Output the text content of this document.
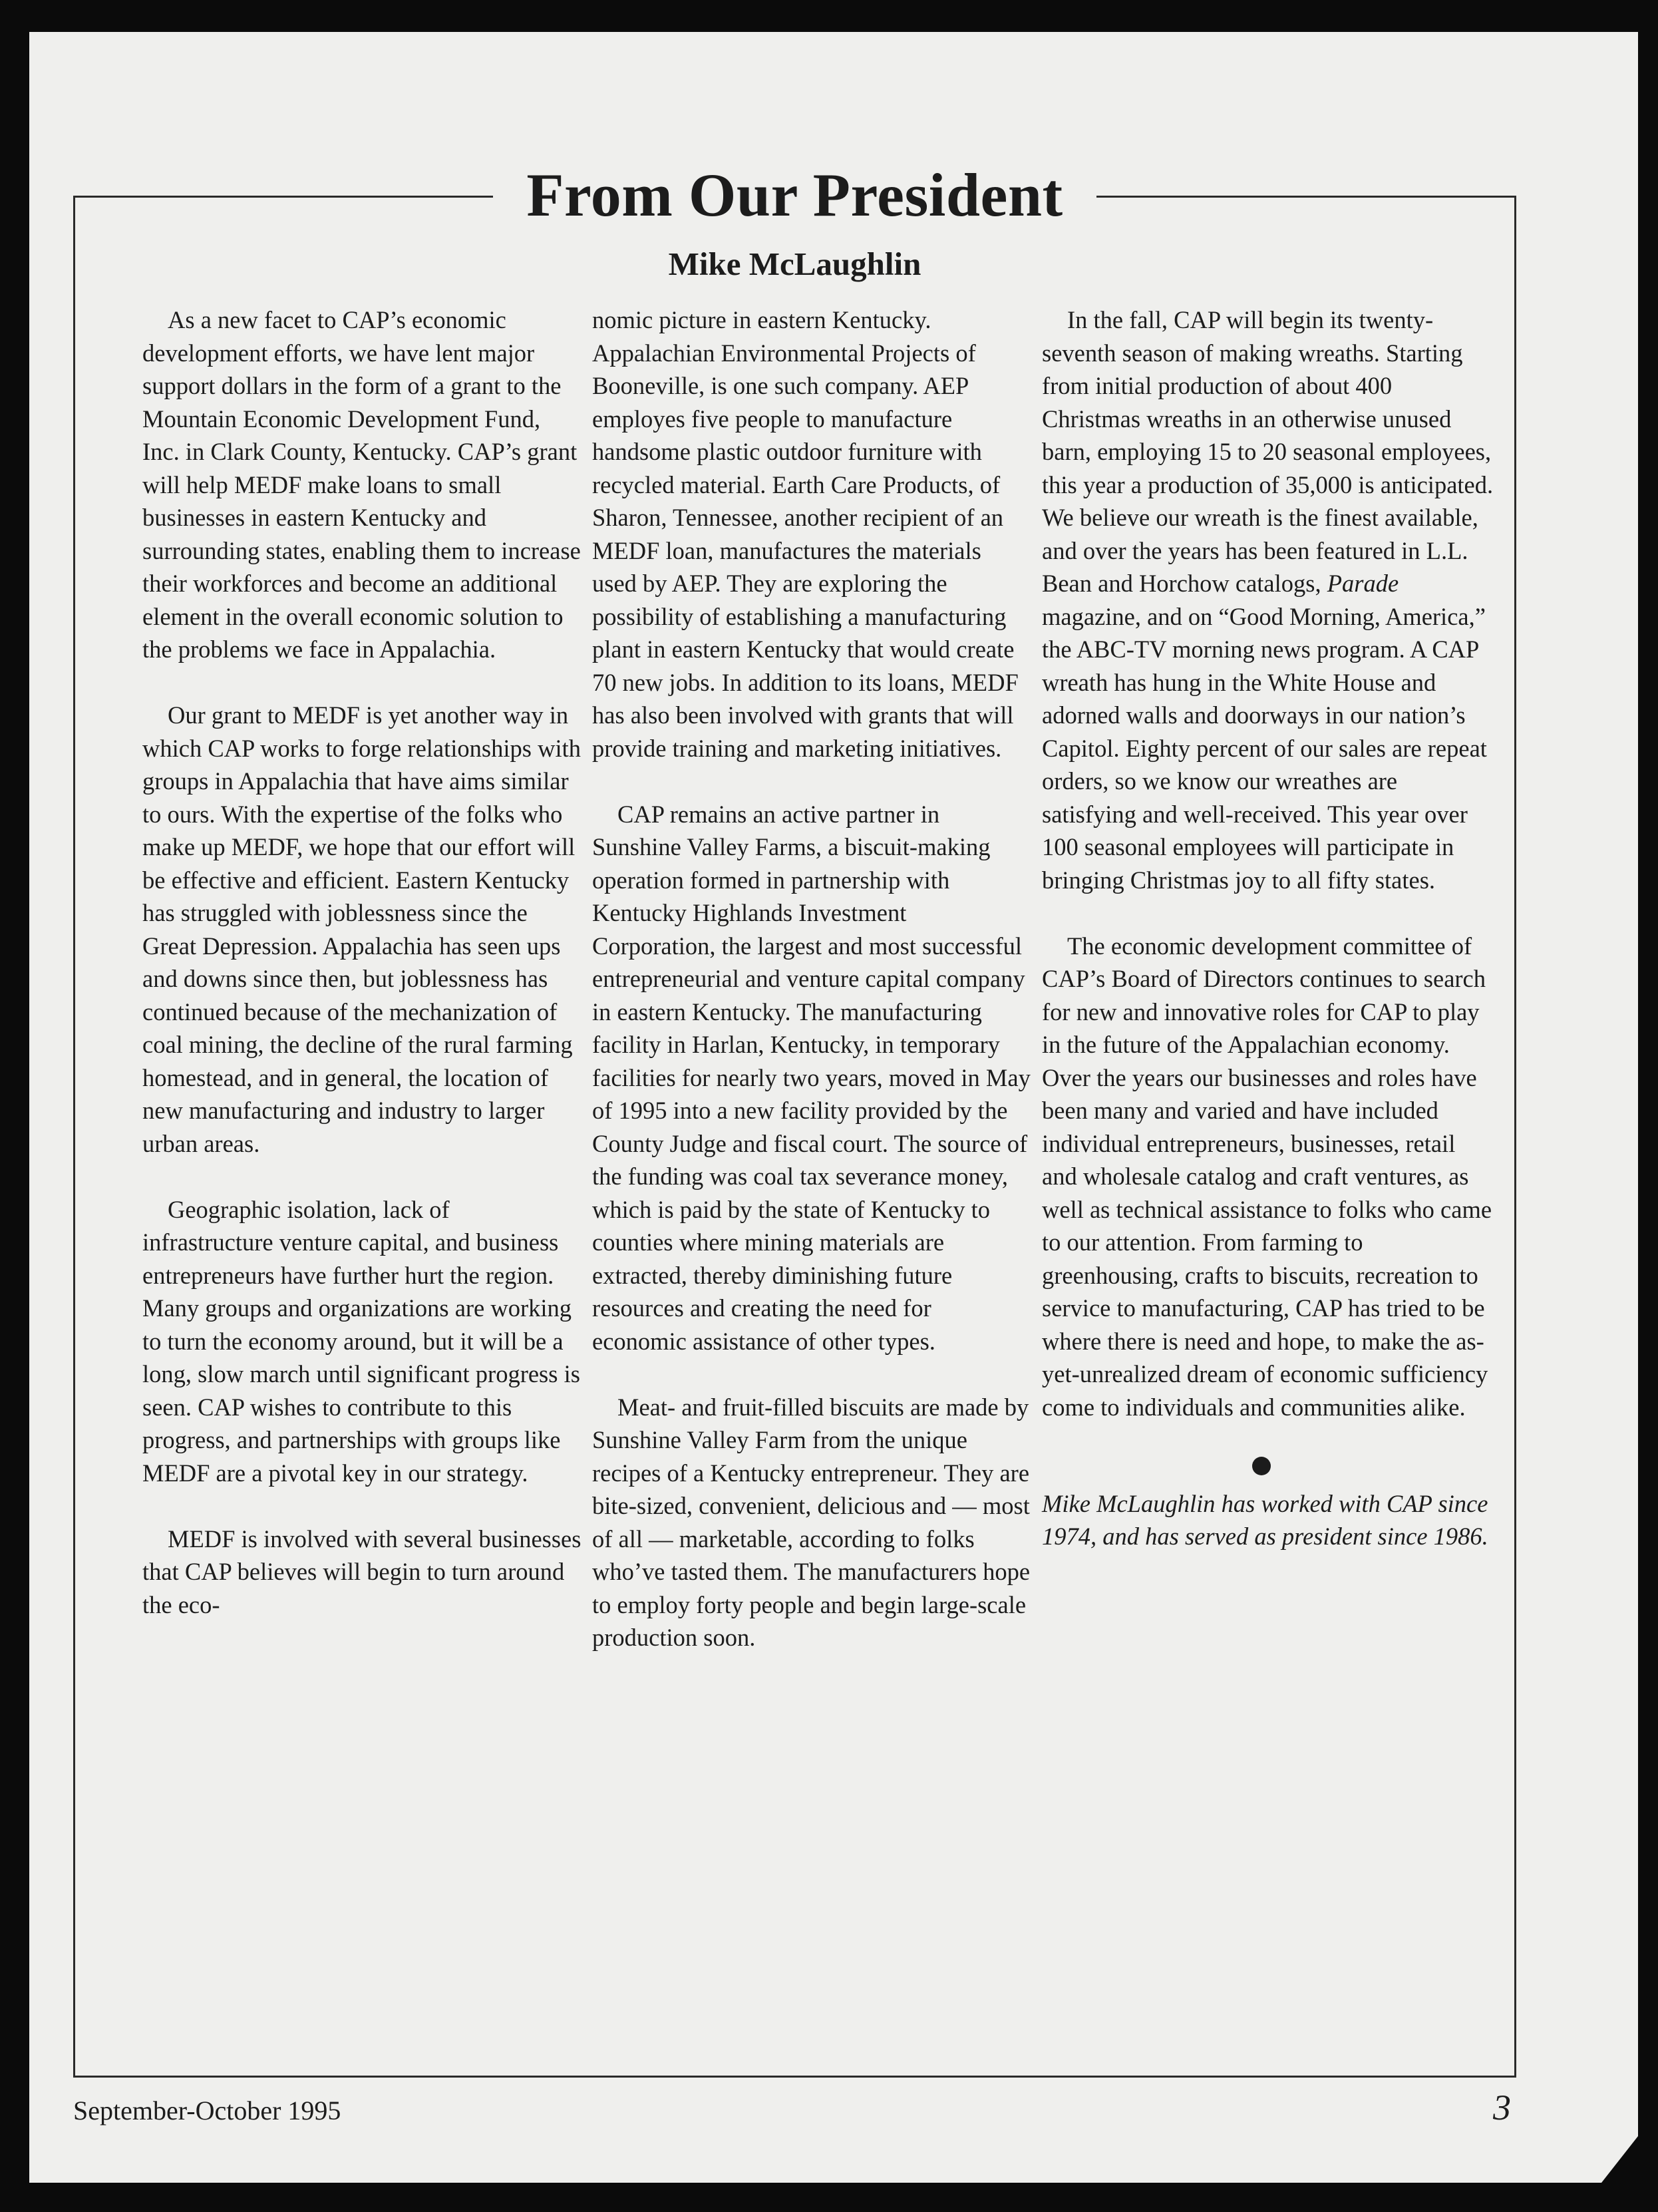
From Our President
Mike McLaughlin

As a new facet to CAP’s economic development efforts, we have lent major support dollars in the form of a grant to the Mountain Economic Development Fund, Inc. in Clark County, Kentucky. CAP’s grant will help MEDF make loans to small businesses in eastern Kentucky and surrounding states, enabling them to increase their workforces and become an additional element in the overall economic solution to the problems we face in Appalachia.

Our grant to MEDF is yet another way in which CAP works to forge relationships with groups in Appalachia that have aims similar to ours. With the expertise of the folks who make up MEDF, we hope that our effort will be effective and efficient. Eastern Kentucky has struggled with joblessness since the Great Depression. Appalachia has seen ups and downs since then, but joblessness has continued because of the mechanization of coal mining, the decline of the rural farming homestead, and in general, the location of new manufacturing and industry to larger urban areas.

Geographic isolation, lack of infrastructure venture capital, and business entrepreneurs have further hurt the region. Many groups and organizations are working to turn the economy around, but it will be a long, slow march until significant progress is seen. CAP wishes to contribute to this progress, and partnerships with groups like MEDF are a pivotal key in our strategy.

MEDF is involved with several businesses that CAP believes will begin to turn around the eco-

nomic picture in eastern Kentucky. Appalachian Environmental Projects of Booneville, is one such company. AEP employes five people to manufacture handsome plastic outdoor furniture with recycled material. Earth Care Products, of Sharon, Tennessee, another recipient of an MEDF loan, manufactures the materials used by AEP. They are exploring the possibility of establishing a manufacturing plant in eastern Kentucky that would create 70 new jobs. In addition to its loans, MEDF has also been involved with grants that will provide training and marketing initiatives.

CAP remains an active partner in Sunshine Valley Farms, a biscuit-making operation formed in partnership with Kentucky Highlands Investment Corporation, the largest and most successful entrepreneurial and venture capital company in eastern Kentucky. The manufacturing facility in Harlan, Kentucky, in temporary facilities for nearly two years, moved in May of 1995 into a new facility provided by the County Judge and fiscal court. The source of the funding was coal tax severance money, which is paid by the state of Kentucky to counties where mining materials are extracted, thereby diminishing future resources and creating the need for economic assistance of other types.

Meat- and fruit-filled biscuits are made by Sunshine Valley Farm from the unique recipes of a Kentucky entrepreneur. They are bite-sized, convenient, delicious and — most of all — marketable, according to folks who’ve tasted them. The manufacturers hope to employ forty people and begin large-scale production soon.

In the fall, CAP will begin its twenty-seventh season of making wreaths. Starting from initial production of about 400 Christmas wreaths in an otherwise unused barn, employing 15 to 20 seasonal employees, this year a production of 35,000 is anticipated. We believe our wreath is the finest available, and over the years has been featured in L.L. Bean and Horchow catalogs, Parade magazine, and on “Good Morning, America,” the ABC-TV morning news program. A CAP wreath has hung in the White House and adorned walls and doorways in our nation’s Capitol. Eighty percent of our sales are repeat orders, so we know our wreathes are satisfying and well-received. This year over 100 seasonal employees will participate in bringing Christmas joy to all fifty states.

The economic development committee of CAP’s Board of Directors continues to search for new and innovative roles for CAP to play in the future of the Appalachian economy. Over the years our businesses and roles have been many and varied and have included individual entrepreneurs, businesses, retail and wholesale catalog and craft ventures, as well as technical assistance to folks who came to our attention. From farming to greenhousing, crafts to biscuits, recreation to service to manufacturing, CAP has tried to be where there is need and hope, to make the as-yet-unrealized dream of economic sufficiency come to individuals and communities alike.

Mike McLaughlin has worked with CAP since 1974, and has served as president since 1986.

September-October 1995	3
